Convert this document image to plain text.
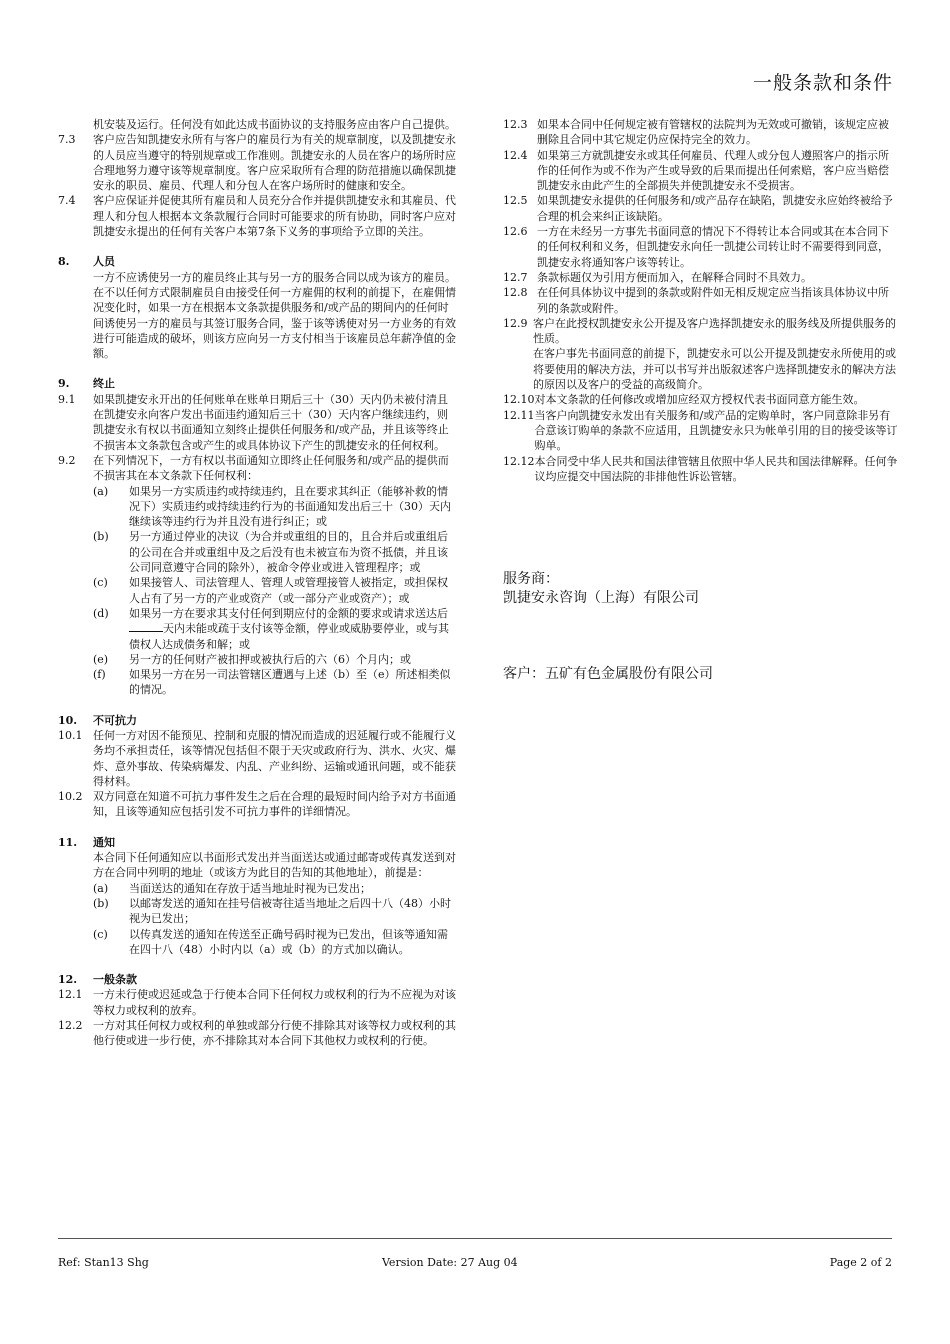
一般条款和条件
机安装及运行。任何没有如此达成书面协议的支持服务应由客户自己提供。
7.3	客户应告知凯捷安永所有与客户的雇员行为有关的规章制度，以及凯捷安永的人员应当遵守的特别规章或工作准则。凯捷安永的人员在客户的场所时应合理地努力遵守该等规章制度。客户应采取所有合理的防范措施以确保凯捷安永的职员、雇员、代理人和分包人在客户场所时的健康和安全。
7.4	客户应保证并促使其所有雇员和人员充分合作并提供凯捷安永和其雇员、代理人和分包人根据本文条款履行合同时可能要求的所有协助，同时客户应对凯捷安永提出的任何有关客户本第7条下义务的事项给予立即的关注。
8.	人员
一方不应诱使另一方的雇员终止其与另一方的服务合同以成为该方的雇员。在不以任何方式限制雇员自由接受任何一方雇佣的权利的前提下，在雇佣情况变化时，如果一方在根据本文条款提供服务和/或产品的期间内的任何时间诱使另一方的雇员与其签订服务合同，鉴于该等诱使对另一方业务的有效进行可能造成的破坏，则该方应向另一方支付相当于该雇员总年薪净值的金额。
9.	终止
9.1	如果凯捷安永开出的任何账单在账单日期后三十（30）天内仍未被付清且在凯捷安永向客户发出书面违约通知后三十（30）天内客户继续违约，则凯捷安永有权以书面通知立刻终止提供任何服务和/或产品，并且该等终止不损害本文条款包含或产生的或具体协议下产生的凯捷安永的任何权利。
9.2	在下列情况下，一方有权以书面通知立即终止任何服务和/或产品的提供而不损害其在本文条款下任何权利：
(a)	如果另一方实质违约或持续违约，且在要求其纠正（能够补救的情况下）实质违约或持续违约行为的书面通知发出后三十（30）天内继续该等违约行为并且没有进行纠正；或
(b)	另一方通过停业的决议（为合并或重组的目的，且合并后或重组后的公司在合并或重组中及之后没有也未被宣布为资不抵债，并且该公司同意遵守合同的除外），被命令停业或进入管理程序；或
(c)	如果接管人、司法管理人、管理人或管理接管人被指定，或担保权人占有了另一方的产业或资产（或一部分产业或资产）；或
(d)	如果另一方在要求其支付任何到期应付的金额的要求或请求送达后天内未能或疏于支付该等金额，停业或威胁要停业，或与其债权人达成债务和解；或
(e)	另一方的任何财产被扣押或被执行后的六（6）个月内；或
(f)	如果另一方在另一司法管辖区遭遇与上述（b）至（e）所述相类似的情况。
10.	不可抗力
10.1 任何一方对因不能预见、控制和克服的情况而造成的迟延履行或不能履行义务均不承担责任，该等情况包括但不限于天灾或政府行为、洪水、火灾、爆炸、意外事故、传染病爆发、内乱、产业纠纷、运输或通讯问题，或不能获得材料。
10.2 双方同意在知道不可抗力事件发生之后在合理的最短时间内给予对方书面通知，且该等通知应包括引发不可抗力事件的详细情况。
11.	通知
本合同下任何通知应以书面形式发出并当面送达或通过邮寄或传真发送到对方在合同中列明的地址（或该方为此目的告知的其他地址），前提是：
(a)	当面送达的通知在存放于适当地址时视为已发出；
(b)	以邮寄发送的通知在挂号信被寄往适当地址之后四十八（48）小时视为已发出；
(c)	以传真发送的通知在传送至正确号码时视为已发出，但该等通知需在四十八（48）小时内以（a）或（b）的方式加以确认。
12.	一般条款
12.1 一方未行使或迟延或急于行使本合同下任何权力或权利的行为不应视为对该等权力或权利的放弃。
12.2 一方对其任何权力或权利的单独或部分行使不排除其对该等权力或权利的其他行使或进一步行使，亦不排除其对本合同下其他权力或权利的行使。
12.3 如果本合同中任何规定被有管辖权的法院判为无效或可撤销，该规定应被删除且合同中其它规定仍应保持完全的效力。
12.4 如果第三方就凯捷安永或其任何雇员、代理人或分包人遵照客户的指示所作的任何作为或不作为产生或导致的后果而提出任何索赔，客户应当赔偿凯捷安永由此产生的全部损失并使凯捷安永不受损害。
12.5 如果凯捷安永提供的任何服务和/或产品存在缺陷，凯捷安永应始终被给予合理的机会来纠正该缺陷。
12.6 一方在未经另一方事先书面同意的情况下不得转让本合同或其在本合同下的任何权利和义务，但凯捷安永向任一凯捷公司转让时不需要得到同意，凯捷安永将通知客户该等转让。
12.7 条款标题仅为引用方便而加入，在解释合同时不具效力。
12.8 在任何具体协议中提到的条款或附件如无相反规定应当指该具体协议中所列的条款或附件。
12.9 客户在此授权凯捷安永公开提及客户选择凯捷安永的服务线及所提供服务的性质。
在客户事先书面同意的前提下，凯捷安永可以公开提及凯捷安永所使用的或将要使用的解决方法，并可以书写并出版叙述客户选择凯捷安永的解决方法的原因以及客户的受益的高级简介。
12.10 对本文条款的任何修改或增加应经双方授权代表书面同意方能生效。
12.11 当客户向凯捷安永发出有关服务和/或产品的定购单时，客户同意除非另有合意该订购单的条款不应适用，且凯捷安永只为帐单引用的目的接受该等订购单。
12.12 本合同受中华人民共和国法律管辖且依照中华人民共和国法律解释。任何争议均应提交中国法院的非排他性诉讼管辖。
服务商：
凯捷安永咨询（上海）有限公司
客户：五矿有色金属股份有限公司
Ref: Stan13 Shg	Version Date: 27 Aug 04	Page 2 of 2
